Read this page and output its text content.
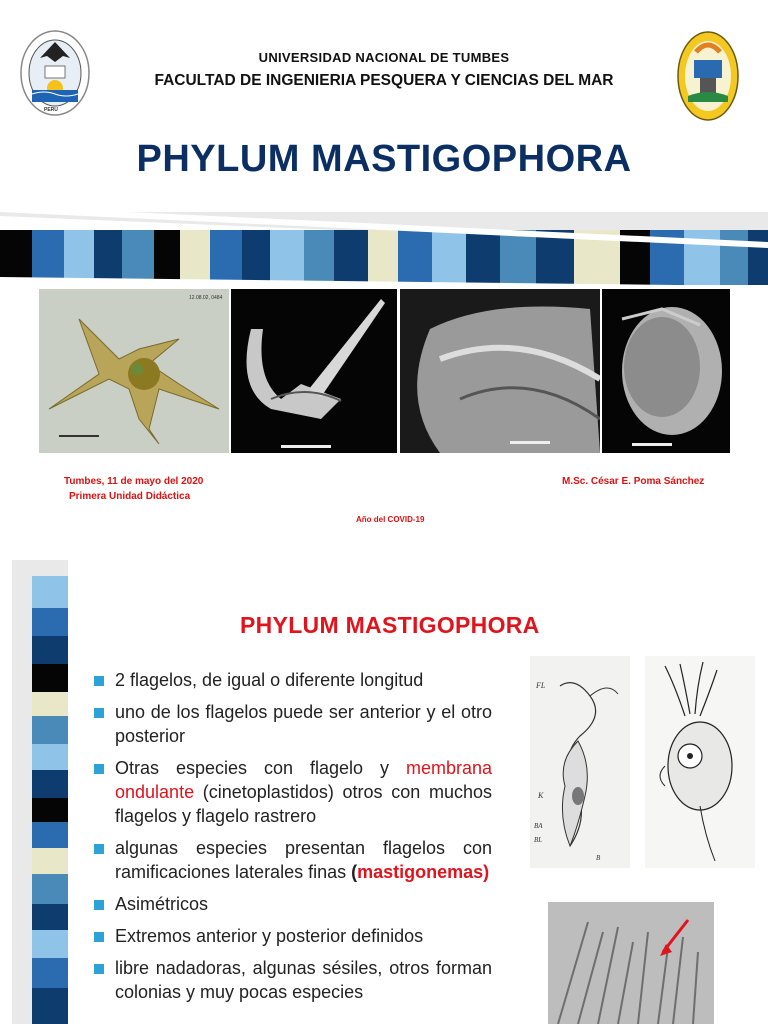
PERU
UNIVERSIDAD NACIONAL DE TUMBES
FACULTAD DE INGENIERIA PESQUERA Y CIENCIAS DEL MAR
PHYLUM MASTIGOPHORA
12.08.02, 0484
Tumbes, 11 de mayo del 2020
Primera Unidad Didáctica
M.Sc. César E. Poma Sánchez
Año del COVID-19
PHYLUM MASTIGOPHORA
2 flagelos, de igual o diferente longitud
uno de los flagelos puede ser anterior y el otro posterior
Otras especies con flagelo y membrana ondulante (cinetoplastidos) otros con muchos flagelos y flagelo rastrero
algunas especies presentan flagelos con ramificaciones laterales finas (mastigonemas)
Asimétricos
Extremos anterior y posterior definidos
libre nadadoras, algunas sésiles, otros forman colonias y muy pocas especies
FL
K
BA
BL
B
